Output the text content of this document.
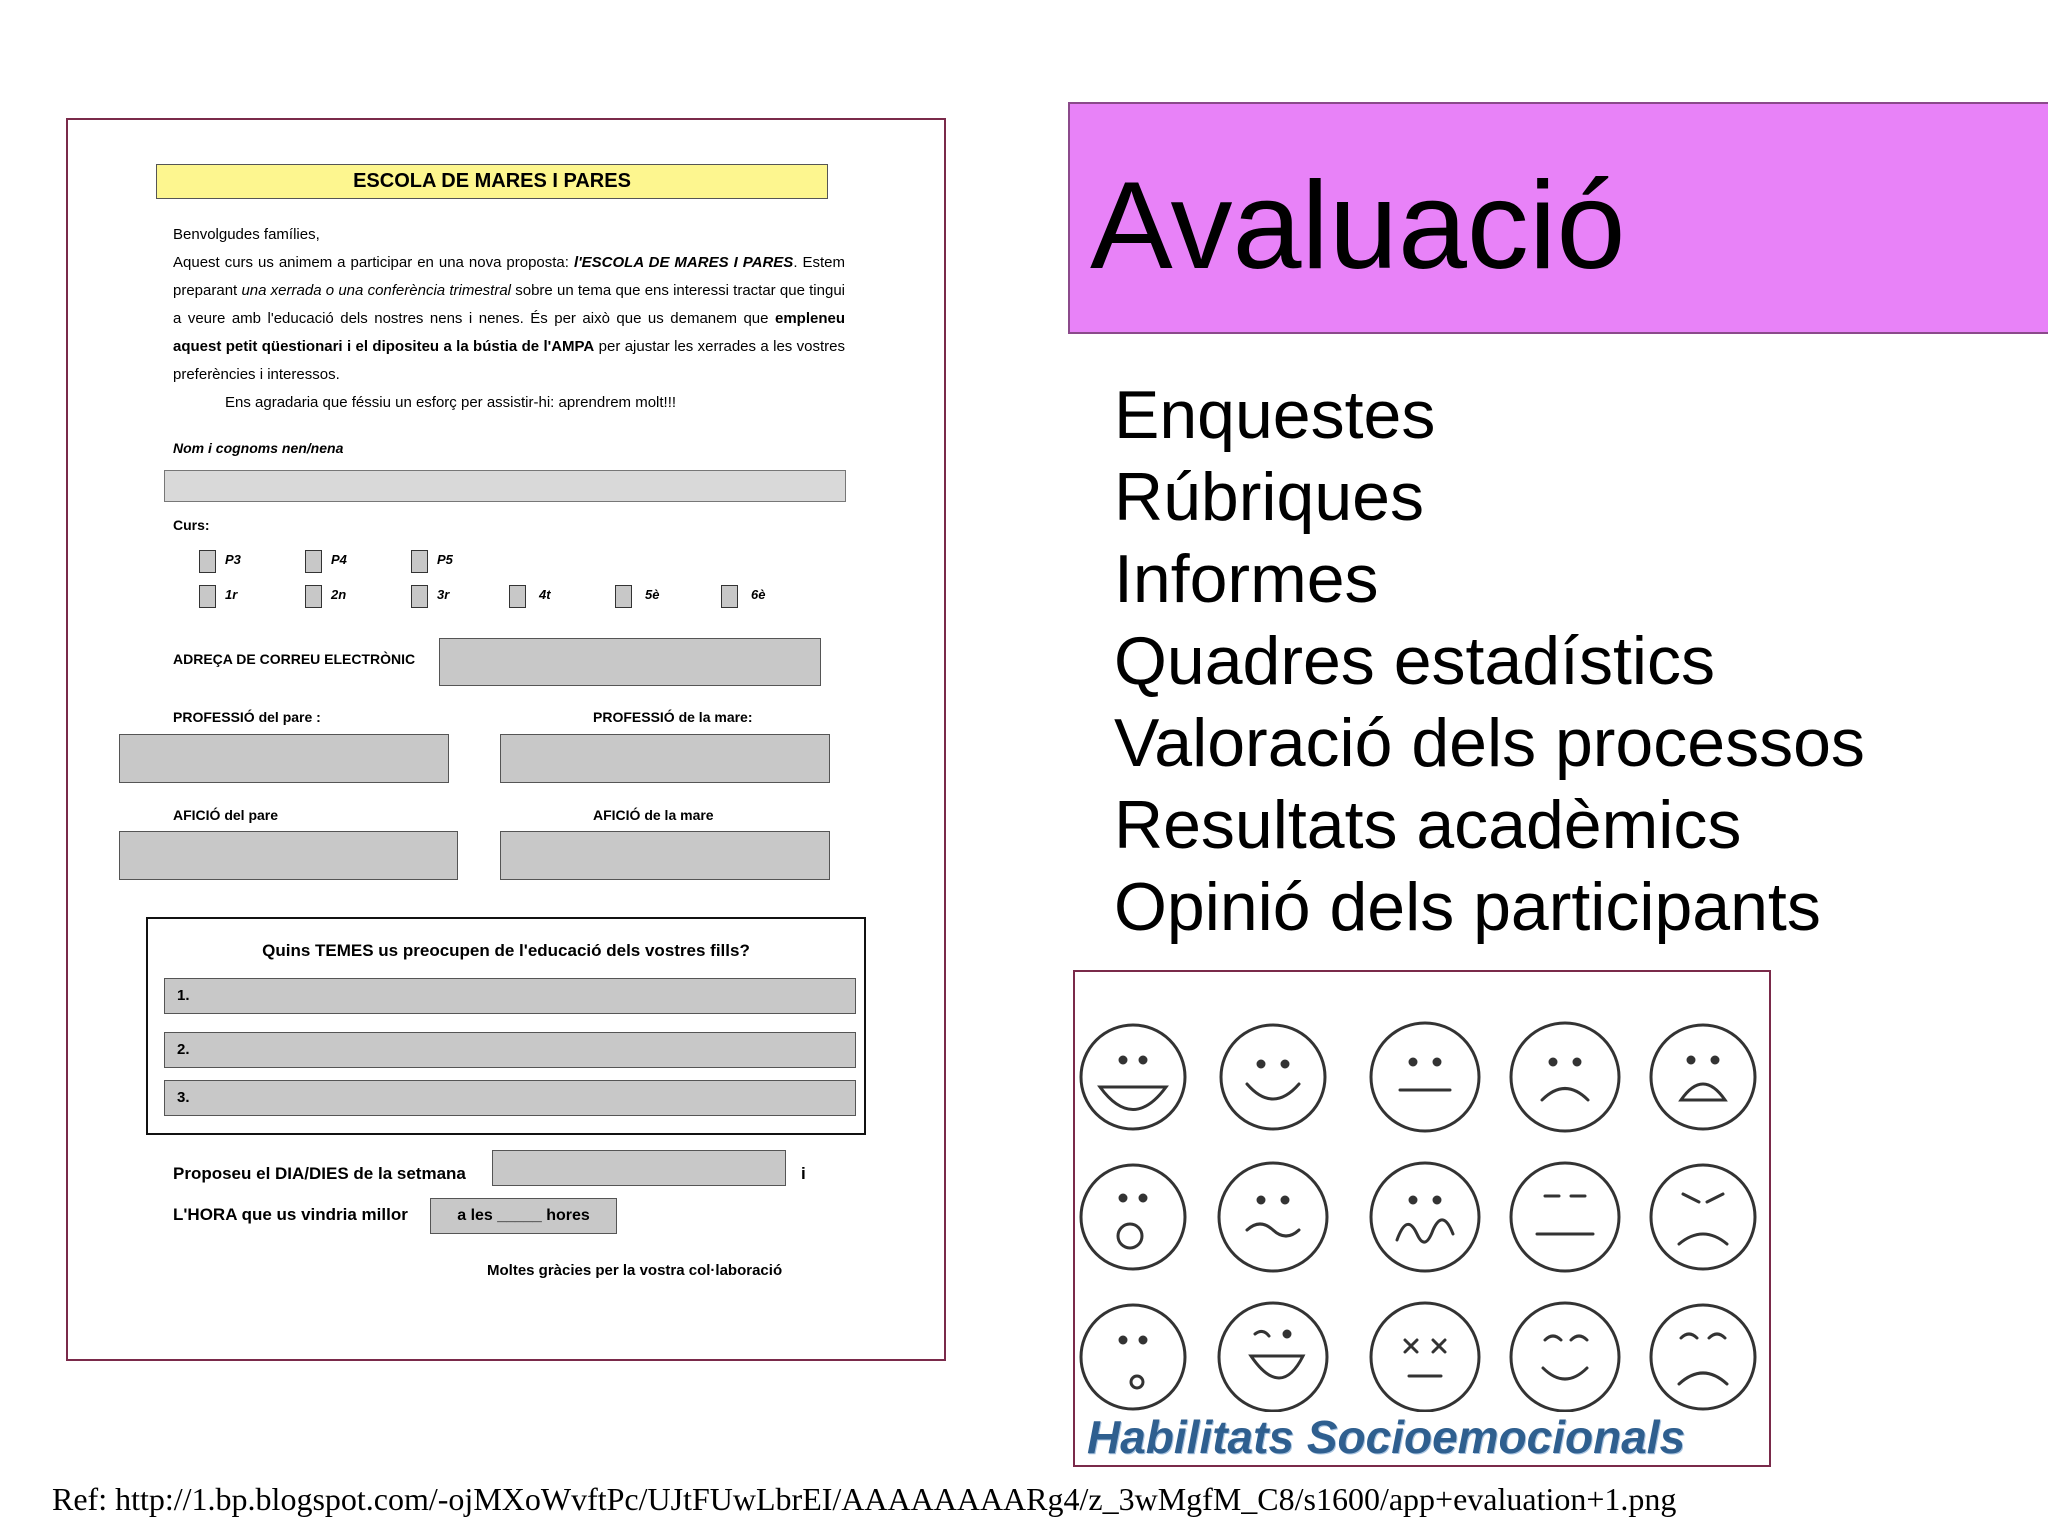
ESCOLA DE MARES I PARES
Benvolgudes famílies,
Aquest curs us animem a participar en una nova proposta: l'ESCOLA DE MARES I PARES. Estem preparant una xerrada o una conferència trimestral sobre un tema que ens interessi tractar que tingui a veure amb l'educació dels nostres nens i nenes. És per això que us demanem que empleneu aquest petit qüestionari i el dipositeu a la bústia de l'AMPA per ajustar les xerrades a les vostres preferències i interessos.
Ens agradaria que féssiu un esforç per assistir-hi: aprendrem molt!!!
Nom i cognoms nen/nena
Curs:
P3	P4	P5
1r	2n	3r	4t	5è	6è
ADREÇA DE CORREU ELECTRÒNIC
PROFESSIÓ del pare :	PROFESSIÓ de la mare:
AFICIÓ del pare	AFICIÓ de la mare
Quins TEMES us preocupen de l'educació dels vostres fills?
1.
2.
3.
Proposeu el DIA/DIES de la setmana	i
L'HORA que us vindria millor	a les _____ hores
Moltes gràcies per la vostra col·laboració
Avaluació
Enquestes
Rúbriques
Informes
Quadres estadístics
Valoració dels processos
Resultats acadèmics
Opinió dels participants
Habilitats Socioemocionals
Ref: http://1.bp.blogspot.com/-ojMXoWvftPc/UJtFUwLbrEI/AAAAAAAARg4/z_3wMgfM_C8/s1600/app+evaluation+1.png
